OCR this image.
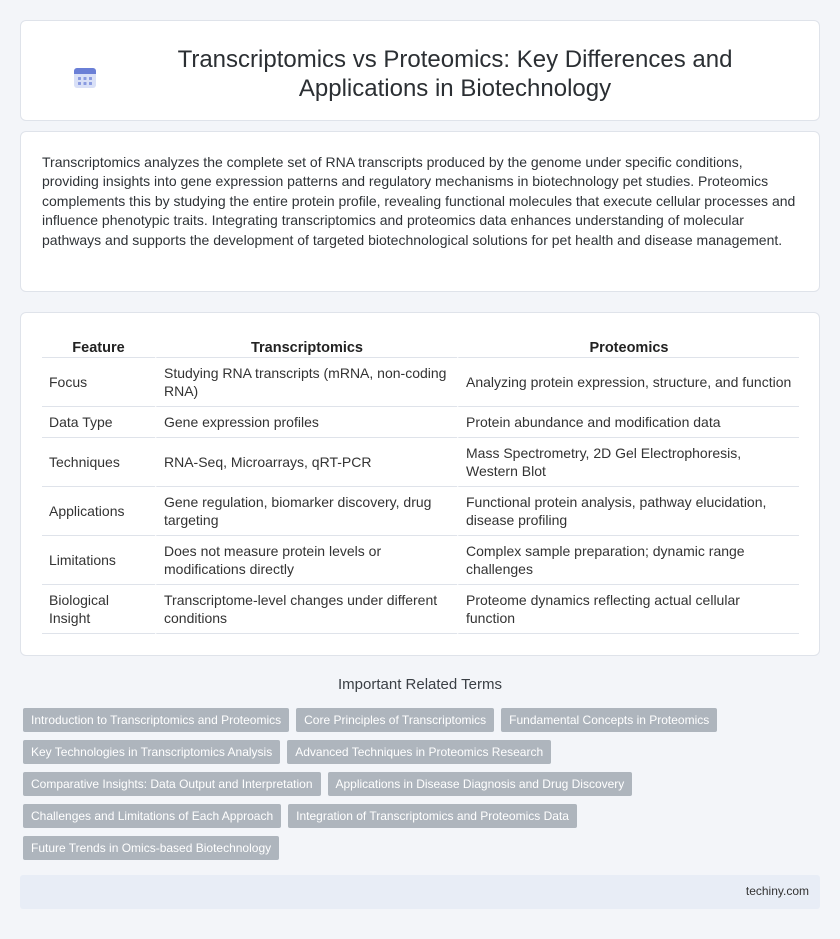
Transcriptomics vs Proteomics: Key Differences and Applications in Biotechnology

Transcriptomics analyzes the complete set of RNA transcripts produced by the genome under specific conditions, providing insights into gene expression patterns and regulatory mechanisms in biotechnology pet studies. Proteomics complements this by studying the entire protein profile, revealing functional molecules that execute cellular processes and influence phenotypic traits. Integrating transcriptomics and proteomics data enhances understanding of molecular pathways and supports the development of targeted biotechnological solutions for pet health and disease management.

Feature	Transcriptomics	Proteomics
Focus	Studying RNA transcripts (mRNA, non-coding RNA)	Analyzing protein expression, structure, and function
Data Type	Gene expression profiles	Protein abundance and modification data
Techniques	RNA-Seq, Microarrays, qRT-PCR	Mass Spectrometry, 2D Gel Electrophoresis, Western Blot
Applications	Gene regulation, biomarker discovery, drug targeting	Functional protein analysis, pathway elucidation, disease profiling
Limitations	Does not measure protein levels or modifications directly	Complex sample preparation; dynamic range challenges
Biological Insight	Transcriptome-level changes under different conditions	Proteome dynamics reflecting actual cellular function
Important Related Terms
Introduction to Transcriptomics and Proteomics	Core Principles of Transcriptomics	Fundamental Concepts in Proteomics
Key Technologies in Transcriptomics Analysis	Advanced Techniques in Proteomics Research
Comparative Insights: Data Output and Interpretation	Applications in Disease Diagnosis and Drug Discovery
Challenges and Limitations of Each Approach	Integration of Transcriptomics and Proteomics Data
Future Trends in Omics-based Biotechnology
techiny.com
